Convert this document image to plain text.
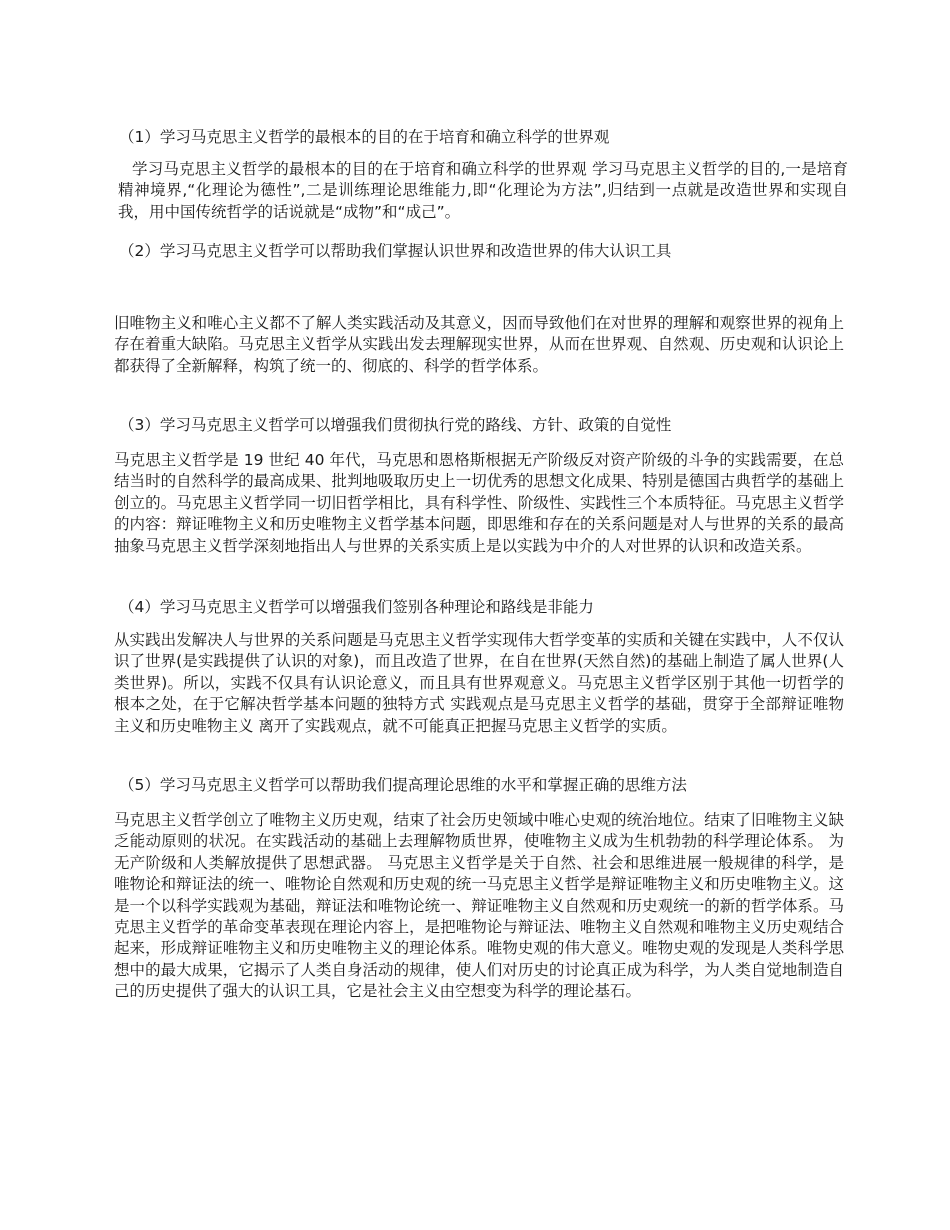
（1）学习马克思主义哲学的最根本的目的在于培育和确立科学的世界观
学习马克思主义哲学的最根本的目的在于培育和确立科学的世界观 学习马克思主义哲学的目的,一是培育精神境界,“化理论为德性”,二是训练理论思维能力,即“化理论为方法”,归结到一点就是改造世界和实现自我，用中国传统哲学的话说就是“成物”和“成己”。
（2）学习马克思主义哲学可以帮助我们掌握认识世界和改造世界的伟大认识工具
旧唯物主义和唯心主义都不了解人类实践活动及其意义，因而导致他们在对世界的理解和观察世界的视角上存在着重大缺陷。马克思主义哲学从实践出发去理解现实世界，从而在世界观、自然观、历史观和认识论上都获得了全新解释，构筑了统一的、彻底的、科学的哲学体系。
（3）学习马克思主义哲学可以增强我们贯彻执行党的路线、方针、政策的自觉性
马克思主义哲学是 19 世纪 40 年代，马克思和恩格斯根据无产阶级反对资产阶级的斗争的实践需要，在总结当时的自然科学的最高成果、批判地吸取历史上一切优秀的思想文化成果、特别是德国古典哲学的基础上创立的。马克思主义哲学同一切旧哲学相比，具有科学性、阶级性、实践性三个本质特征。马克思主义哲学的内容：辩证唯物主义和历史唯物主义哲学基本问题，即思维和存在的关系问题是对人与世界的关系的最高抽象马克思主义哲学深刻地指出人与世界的关系实质上是以实践为中介的人对世界的认识和改造关系。
（4）学习马克思主义哲学可以增强我们签别各种理论和路线是非能力
从实践出发解决人与世界的关系问题是马克思主义哲学实现伟大哲学变革的实质和关键在实践中，人不仅认识了世界(是实践提供了认识的对象)，而且改造了世界，在自在世界(天然自然)的基础上制造了属人世界(人类世界)。所以，实践不仅具有认识论意义，而且具有世界观意义。马克思主义哲学区别于其他一切哲学的根本之处，在于它解决哲学基本问题的独特方式 实践观点是马克思主义哲学的基础，贯穿于全部辩证唯物主义和历史唯物主义 离开了实践观点，就不可能真正把握马克思主义哲学的实质。
（5）学习马克思主义哲学可以帮助我们提高理论思维的水平和掌握正确的思维方法
马克思主义哲学创立了唯物主义历史观，结束了社会历史领域中唯心史观的统治地位。结束了旧唯物主义缺乏能动原则的状况。在实践活动的基础上去理解物质世界，使唯物主义成为生机勃勃的科学理论体系。 为无产阶级和人类解放提供了思想武器。 马克思主义哲学是关于自然、社会和思维进展一般规律的科学，是唯物论和辩证法的统一、唯物论自然观和历史观的统一马克思主义哲学是辩证唯物主义和历史唯物主义。这是一个以科学实践观为基础，辩证法和唯物论统一、辩证唯物主义自然观和历史观统一的新的哲学体系。马克思主义哲学的革命变革表现在理论内容上，是把唯物论与辩证法、唯物主义自然观和唯物主义历史观结合起来，形成辩证唯物主义和历史唯物主义的理论体系。唯物史观的伟大意义。唯物史观的发现是人类科学思想中的最大成果，它揭示了人类自身活动的规律，使人们对历史的讨论真正成为科学，为人类自觉地制造自己的历史提供了强大的认识工具，它是社会主义由空想变为科学的理论基石。
